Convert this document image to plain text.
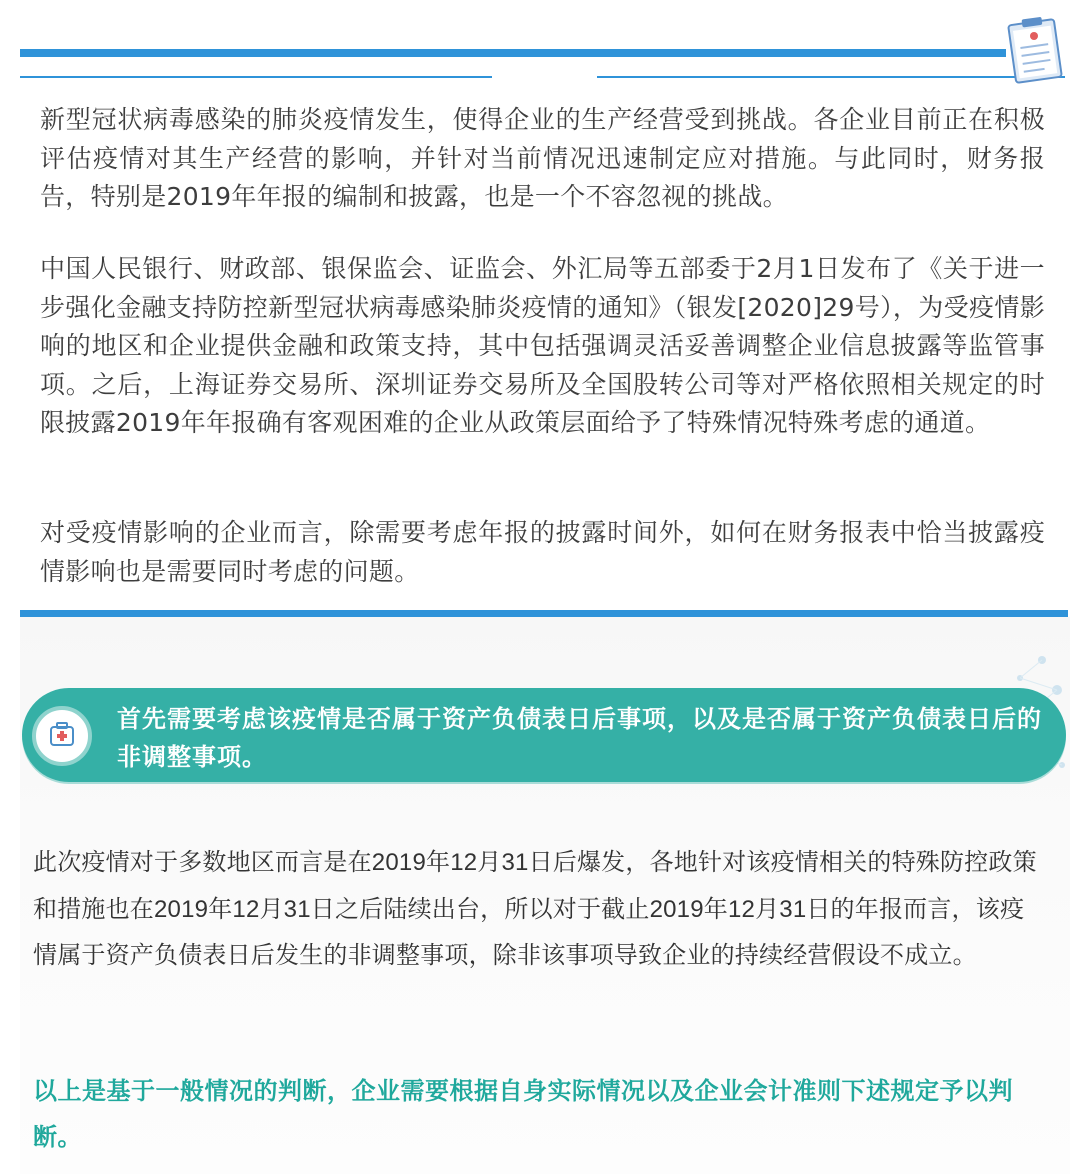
新型冠状病毒感染的肺炎疫情发生，使得企业的生产经营受到挑战。各企业目前正在积极评估疫情对其生产经营的影响，并针对当前情况迅速制定应对措施。与此同时，财务报告，特别是2019年年报的编制和披露，也是一个不容忽视的挑战。

中国人民银行、财政部、银保监会、证监会、外汇局等五部委于2月1日发布了《关于进一步强化金融支持防控新型冠状病毒感染肺炎疫情的通知》（银发[2020]29号），为受疫情影响的地区和企业提供金融和政策支持，其中包括强调灵活妥善调整企业信息披露等监管事项。之后，上海证券交易所、深圳证券交易所及全国股转公司等对严格依照相关规定的时限披露2019年年报确有客观困难的企业从政策层面给予了特殊情况特殊考虑的通道。

对受疫情影响的企业而言，除需要考虑年报的披露时间外，如何在财务报表中恰当披露疫情影响也是需要同时考虑的问题。

首先需要考虑该疫情是否属于资产负债表日后事项，以及是否属于资产负债表日后的非调整事项。

此次疫情对于多数地区而言是在2019年12月31日后爆发，各地针对该疫情相关的特殊防控政策和措施也在2019年12月31日之后陆续出台，所以对于截止2019年12月31日的年报而言，该疫情属于资产负债表日后发生的非调整事项，除非该事项导致企业的持续经营假设不成立。

以上是基于一般情况的判断，企业需要根据自身实际情况以及企业会计准则下述规定予以判断。
